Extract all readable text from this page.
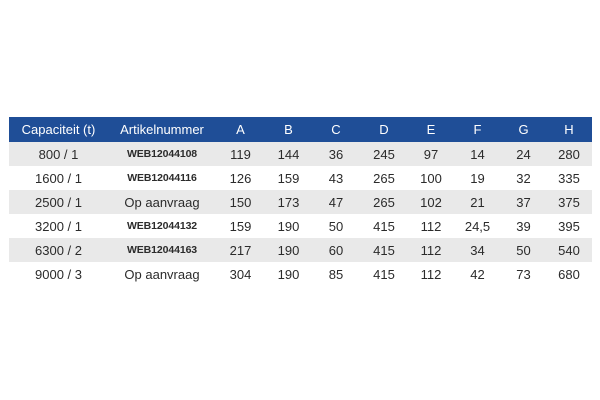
Capaciteit (t)	Artikelnummer	A	B	C	D	E	F	G	H
800 / 1	WEB12044108	119	144	36	245	97	14	24	280
1600 / 1	WEB12044116	126	159	43	265	100	19	32	335
2500 / 1	Op aanvraag	150	173	47	265	102	21	37	375
3200 / 1	WEB12044132	159	190	50	415	112	24,5	39	395
6300 / 2	WEB12044163	217	190	60	415	112	34	50	540
9000 / 3	Op aanvraag	304	190	85	415	112	42	73	680
